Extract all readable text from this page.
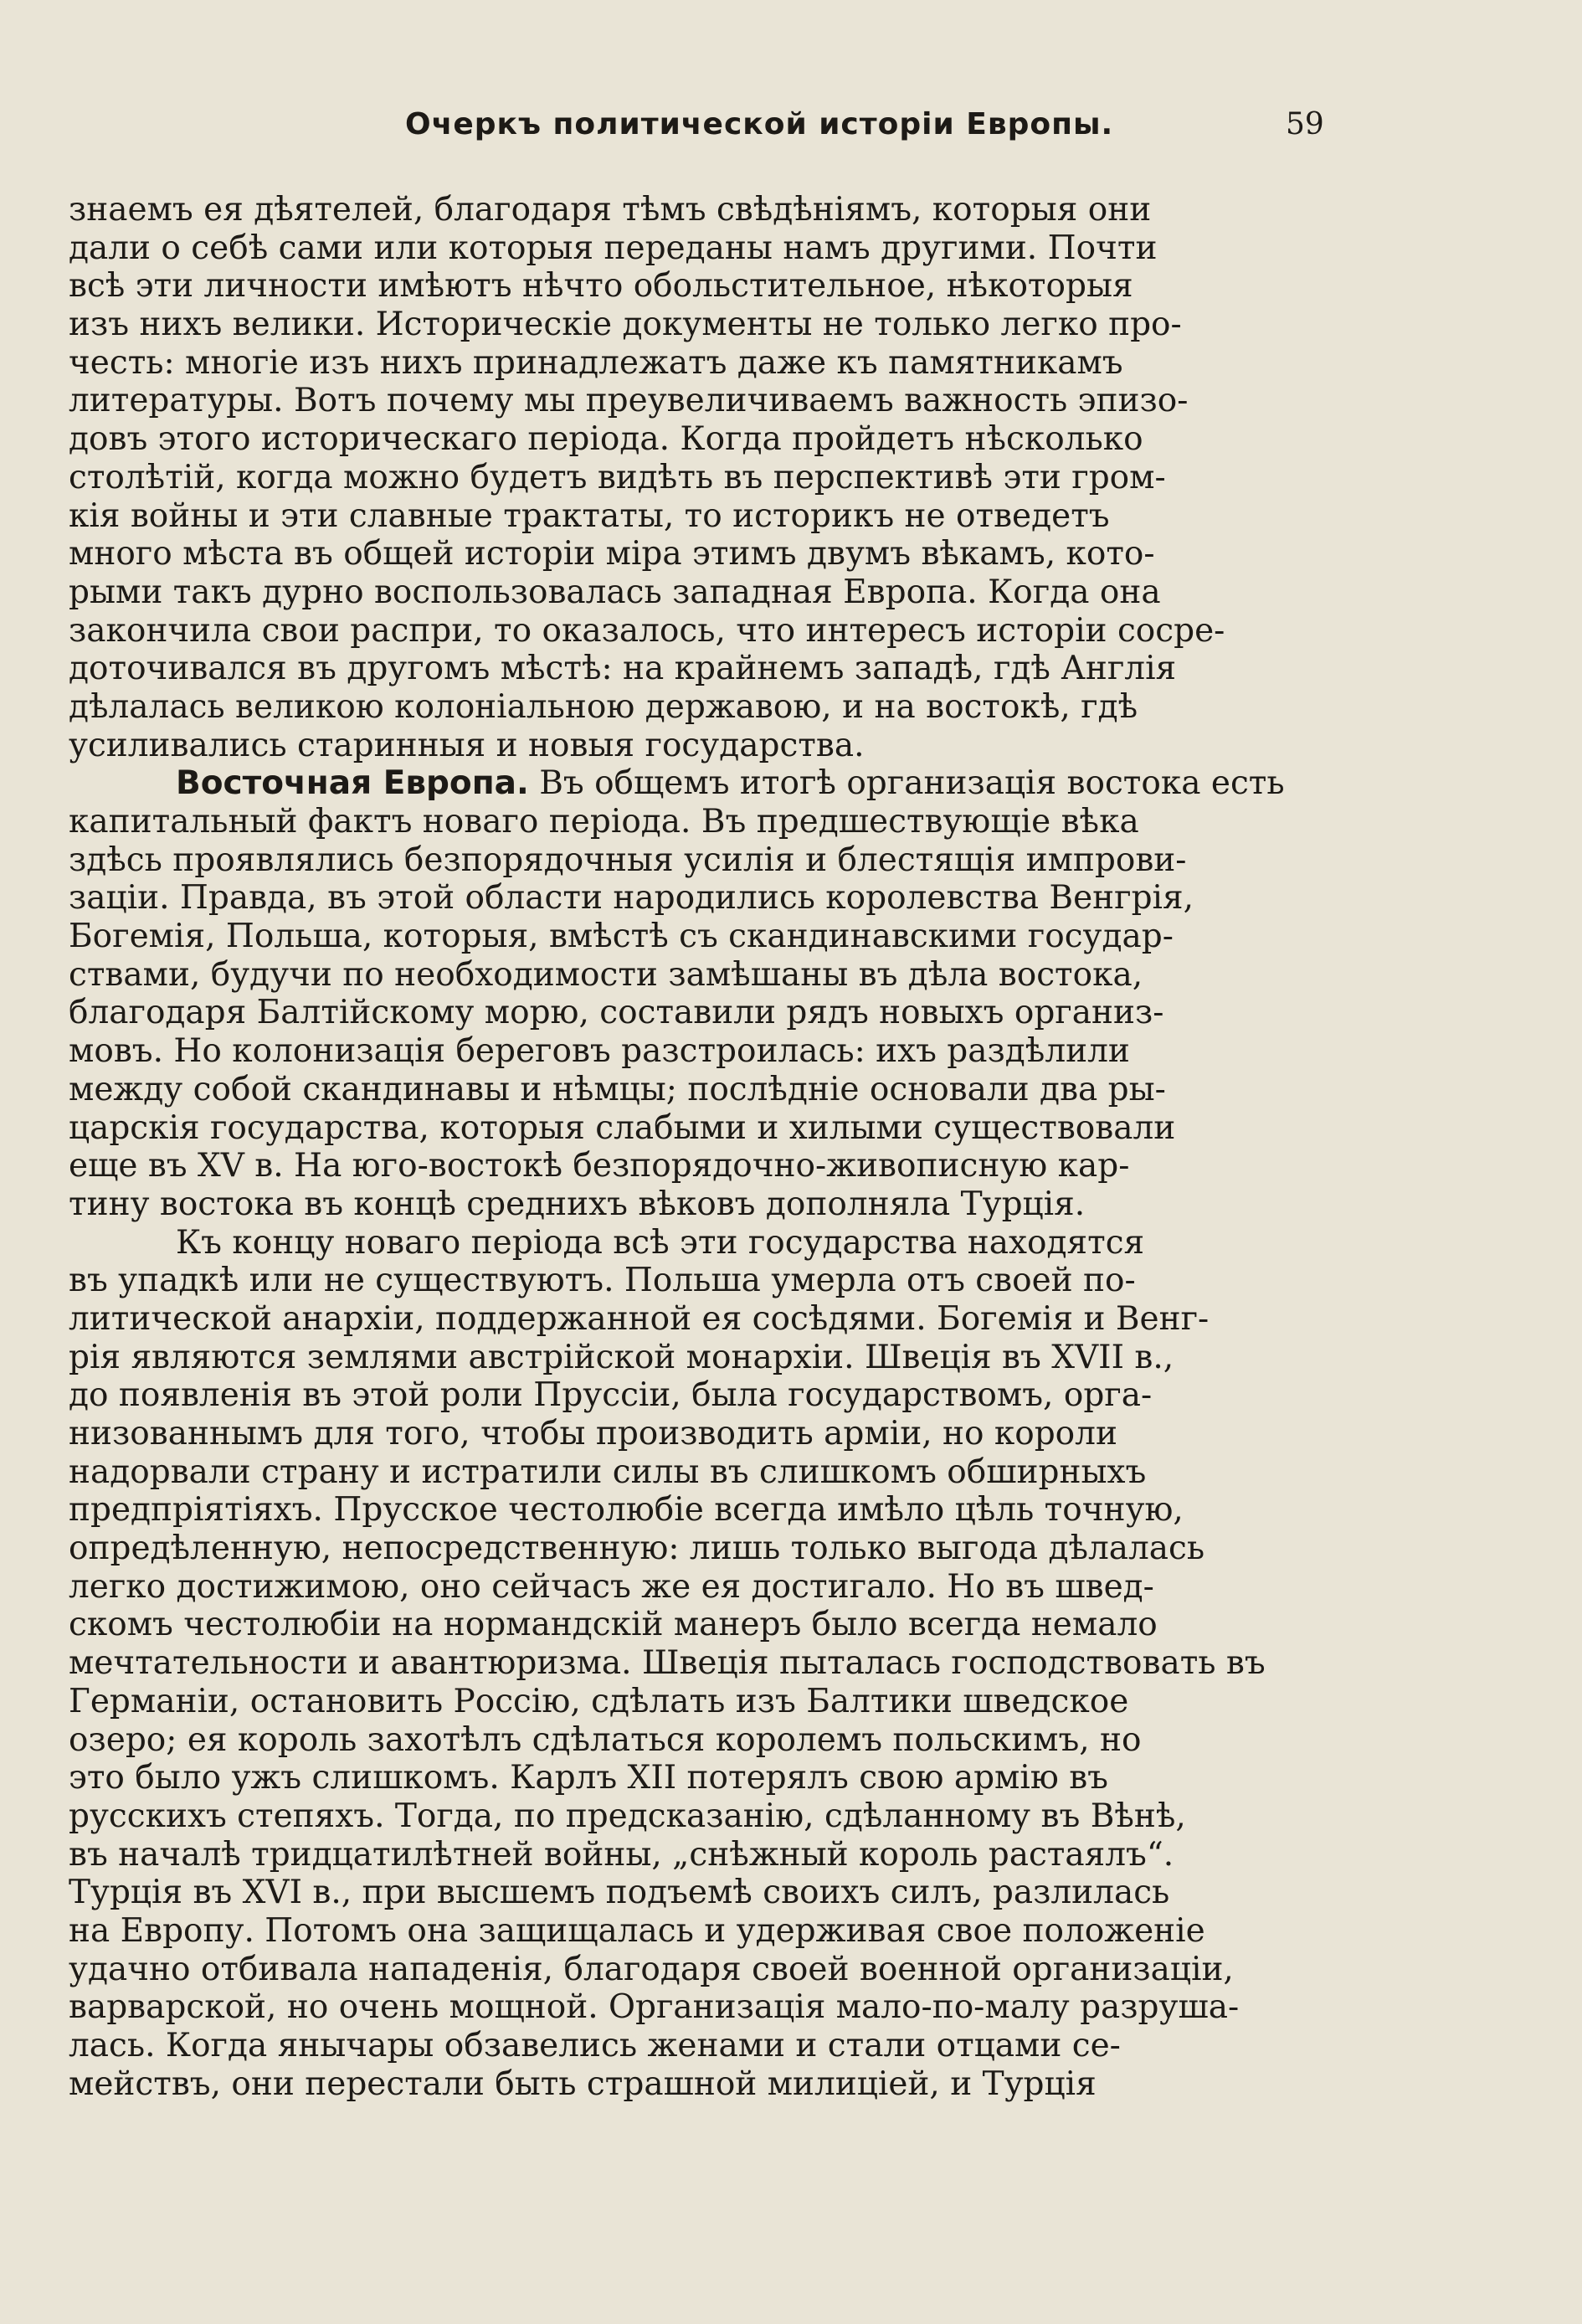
Очеркъ политической исторіи Европы.	59
знаемъ ея дѣятелей, благодаря тѣмъ свѣдѣніямъ, которыя они
дали о себѣ сами или которыя переданы намъ другими. Почти
всѣ эти личности имѣютъ нѣчто обольстительное, нѣкоторыя
изъ нихъ велики. Историческіе документы не только легко про-
честь: многіе изъ нихъ принадлежатъ даже къ памятникамъ
литературы. Вотъ почему мы преувеличиваемъ важность эпизо-
довъ этого историческаго періода. Когда пройдетъ нѣсколько
столѣтій, когда можно будетъ видѣть въ перспективѣ эти гром-
кія войны и эти славные трактаты, то историкъ не отведетъ
много мѣста въ общей исторіи міра этимъ двумъ вѣкамъ, кото-
рыми такъ дурно воспользовалась западная Европа. Когда она
закончила свои распри, то оказалось, что интересъ исторіи сосре-
доточивался въ другомъ мѣстѣ: на крайнемъ западѣ, гдѣ Англія
дѣлалась великою колоніальною державою, и на востокѣ, гдѣ
усиливались старинныя и новыя государства.
Восточная Европа. Въ общемъ итогѣ организація востока есть
капитальный фактъ новаго періода. Въ предшествующіе вѣка
здѣсь проявлялись безпорядочныя усилія и блестящія импрови-
заціи. Правда, въ этой области народились королевства Венгрія,
Богемія, Польша, которыя, вмѣстѣ съ скандинавскими государ-
ствами, будучи по необходимости замѣшаны въ дѣла востока,
благодаря Балтійскому морю, составили рядъ новыхъ организ-
мовъ. Но колонизація береговъ разстроилась: ихъ раздѣлили
между собой скандинавы и нѣмцы; послѣдніе основали два ры-
царскія государства, которыя слабыми и хилыми существовали
еще въ XV в. На юго-востокѣ безпорядочно-живописную кар-
тину востока въ концѣ среднихъ вѣковъ дополняла Турція.
Къ концу новаго періода всѣ эти государства находятся
въ упадкѣ или не существуютъ. Польша умерла отъ своей по-
литической анархіи, поддержанной ея сосѣдями. Богемія и Венг-
рія являются землями австрійской монархіи. Швеція въ XVII в.,
до появленія въ этой роли Пруссіи, была государствомъ, орга-
низованнымъ для того, чтобы производить арміи, но короли
надорвали страну и истратили силы въ слишкомъ обширныхъ
предпріятіяхъ. Прусское честолюбіе всегда имѣло цѣль точную,
опредѣленную, непосредственную: лишь только выгода дѣлалась
легко достижимою, оно сейчасъ же ея достигало. Но въ швед-
скомъ честолюбіи на нормандскій манеръ было всегда немало
мечтательности и авантюризма. Швеція пыталась господствовать въ
Германіи, остановить Россію, сдѣлать изъ Балтики шведское
озеро; ея король захотѣлъ сдѣлаться королемъ польскимъ, но
это было ужъ слишкомъ. Карлъ XII потерялъ свою армію въ
русскихъ степяхъ. Тогда, по предсказанію, сдѣланному въ Вѣнѣ,
въ началѣ тридцатилѣтней войны, „снѣжный король растаялъ“.
Турція въ XVI в., при высшемъ подъемѣ своихъ силъ, разлилась
на Европу. Потомъ она защищалась и удерживая свое положеніе
удачно отбивала нападенія, благодаря своей военной организаціи,
варварской, но очень мощной. Организація мало-по-малу разруша-
лась. Когда янычары обзавелись женами и стали отцами се-
мействъ, они перестали быть страшной милиціей, и Турція
